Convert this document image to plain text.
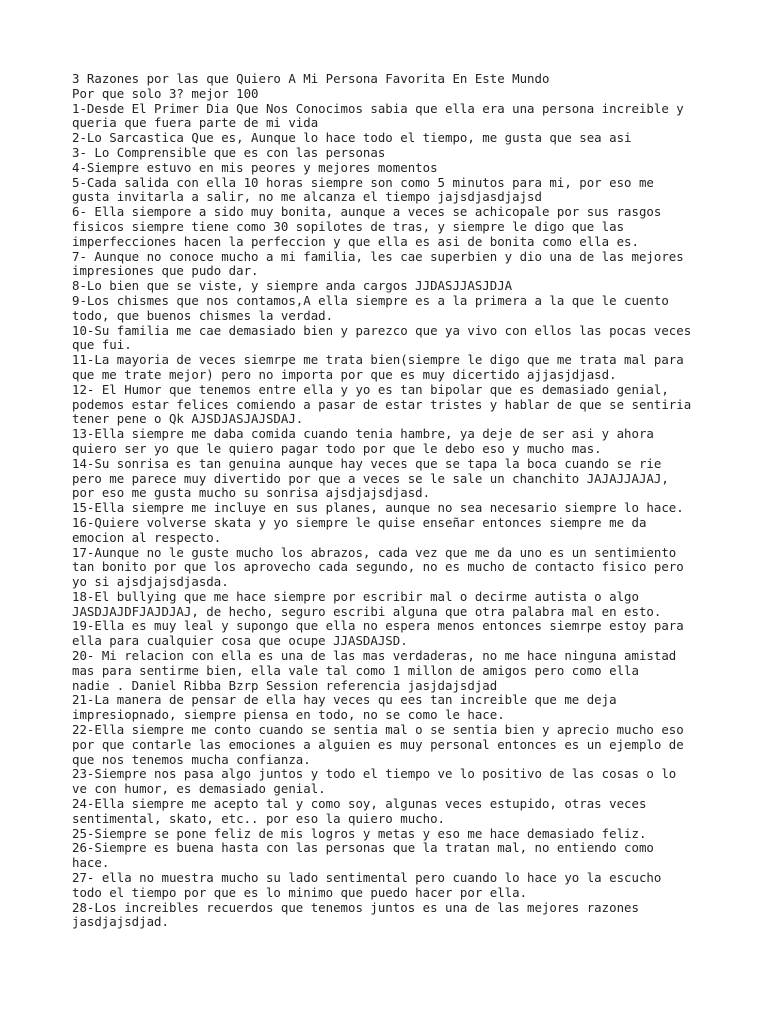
3 Razones por las que Quiero A Mi Persona Favorita En Este Mundo
Por que solo 3? mejor 100
1-Desde El Primer Dia Que Nos Conocimos sabia que ella era una persona increible y
queria que fuera parte de mi vida
2-Lo Sarcastica Que es, Aunque lo hace todo el tiempo, me gusta que sea asi
3- Lo Comprensible que es con las personas
4-Siempre estuvo en mis peores y mejores momentos
5-Cada salida con ella 10 horas siempre son como 5 minutos para mi, por eso me
gusta invitarla a salir, no me alcanza el tiempo jajsdjasdjajsd
6- Ella siempore a sido muy bonita, aunque a veces se achicopale por sus rasgos
fisicos siempre tiene como 30 sopilotes de tras, y siempre le digo que las
imperfecciones hacen la perfeccion y que ella es asi de bonita como ella es.
7- Aunque no conoce mucho a mi familia, les cae superbien y dio una de las mejores
impresiones que pudo dar.
8-Lo bien que se viste, y siempre anda cargos JJDASJJASJDJA
9-Los chismes que nos contamos,A ella siempre es a la primera a la que le cuento
todo, que buenos chismes la verdad.
10-Su familia me cae demasiado bien y parezco que ya vivo con ellos las pocas veces
que fui.
11-La mayoria de veces siemrpe me trata bien(siempre le digo que me trata mal para
que me trate mejor) pero no importa por que es muy dicertido ajjasjdjasd.
12- El Humor que tenemos entre ella y yo es tan bipolar que es demasiado genial,
podemos estar felices comiendo a pasar de estar tristes y hablar de que se sentiria
tener pene o Qk AJSDJASJAJSDAJ.
13-Ella siempre me daba comida cuando tenia hambre, ya deje de ser asi y ahora
quiero ser yo que le quiero pagar todo por que le debo eso y mucho mas.
14-Su sonrisa es tan genuina aunque hay veces que se tapa la boca cuando se rie
pero me parece muy divertido por que a veces se le sale un chanchito JAJAJJAJAJ,
por eso me gusta mucho su sonrisa ajsdjajsdjasd.
15-Ella siempre me incluye en sus planes, aunque no sea necesario siempre lo hace.
16-Quiere volverse skata y yo siempre le quise enseñar entonces siempre me da
emocion al respecto.
17-Aunque no le guste mucho los abrazos, cada vez que me da uno es un sentimiento
tan bonito por que los aprovecho cada segundo, no es mucho de contacto fisico pero
yo si ajsdjajsdjasda.
18-El bullying que me hace siempre por escribir mal o decirme autista o algo
JASDJAJDFJAJDJAJ, de hecho, seguro escribi alguna que otra palabra mal en esto.
19-Ella es muy leal y supongo que ella no espera menos entonces siemrpe estoy para
ella para cualquier cosa que ocupe JJASDAJSD.
20- Mi relacion con ella es una de las mas verdaderas, no me hace ninguna amistad
mas para sentirme bien, ella vale tal como 1 millon de amigos pero como ella
nadie . Daniel Ribba Bzrp Session referencia jasjdajsdjad
21-La manera de pensar de ella hay veces qu ees tan increible que me deja
impresiopnado, siempre piensa en todo, no se como le hace.
22-Ella siempre me conto cuando se sentia mal o se sentia bien y aprecio mucho eso
por que contarle las emociones a alguien es muy personal entonces es un ejemplo de
que nos tenemos mucha confianza.
23-Siempre nos pasa algo juntos y todo el tiempo ve lo positivo de las cosas o lo
ve con humor, es demasiado genial.
24-Ella siempre me acepto tal y como soy, algunas veces estupido, otras veces
sentimental, skato, etc.. por eso la quiero mucho.
25-Siempre se pone feliz de mis logros y metas y eso me hace demasiado feliz.
26-Siempre es buena hasta con las personas que la tratan mal, no entiendo como
hace.
27- ella no muestra mucho su lado sentimental pero cuando lo hace yo la escucho
todo el tiempo por que es lo minimo que puedo hacer por ella.
28-Los increibles recuerdos que tenemos juntos es una de las mejores razones
jasdjajsdjad.
